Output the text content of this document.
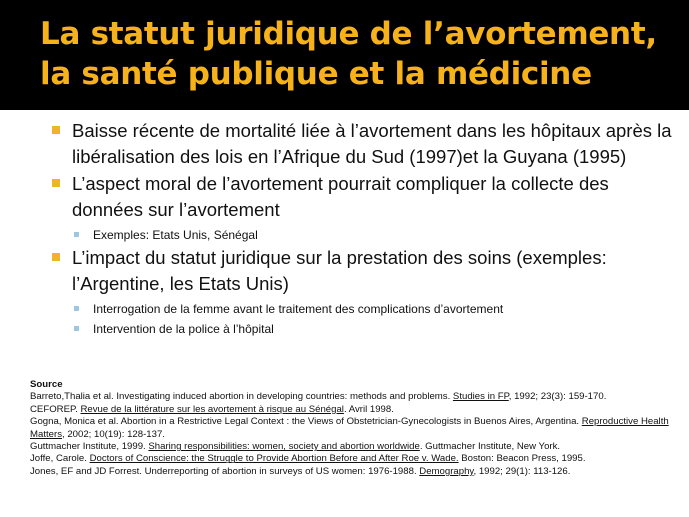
La statut juridique de l’avortement,
la santé publique et la médicine
Baisse récente de mortalité liée à l’avortement dans les hôpitaux après la libéralisation des lois en l’Afrique du Sud (1997)et la Guyana (1995)
L’aspect moral de l’avortement pourrait compliquer la collecte des données sur l’avortement
Exemples: Etats Unis, Sénégal
L’impact du statut juridique sur la prestation des soins (exemples: l’Argentine, les Etats Unis)
Interrogation de la femme avant le traitement des complications d’avortement
Intervention de la police à l’hôpital

Source

Barreto,Thalia et al. Investigating induced abortion in developing countries: methods and problems. Studies in FP, 1992; 23(3): 159-170.

CEFOREP. Revue de la littérature sur les avortement à risque au Sénégal. Avril 1998.

Gogna, Monica et al. Abortion in a Restrictive Legal Context : the Views of Obstetrician-Gynecologists in Buenos Aires, Argentina. Reproductive Health Matters, 2002; 10(19): 128-137.

Guttmacher Institute, 1999. Sharing responsibilities: women, society and abortion worldwide. Guttmacher Institute, New York.

Joffe, Carole. Doctors of Conscience: the Struggle to Provide Abortion Before and After Roe v. Wade. Boston: Beacon Press, 1995.

Jones, EF and JD Forrest. Underreporting of abortion in surveys of US women: 1976-1988. Demography, 1992; 29(1): 113-126.
